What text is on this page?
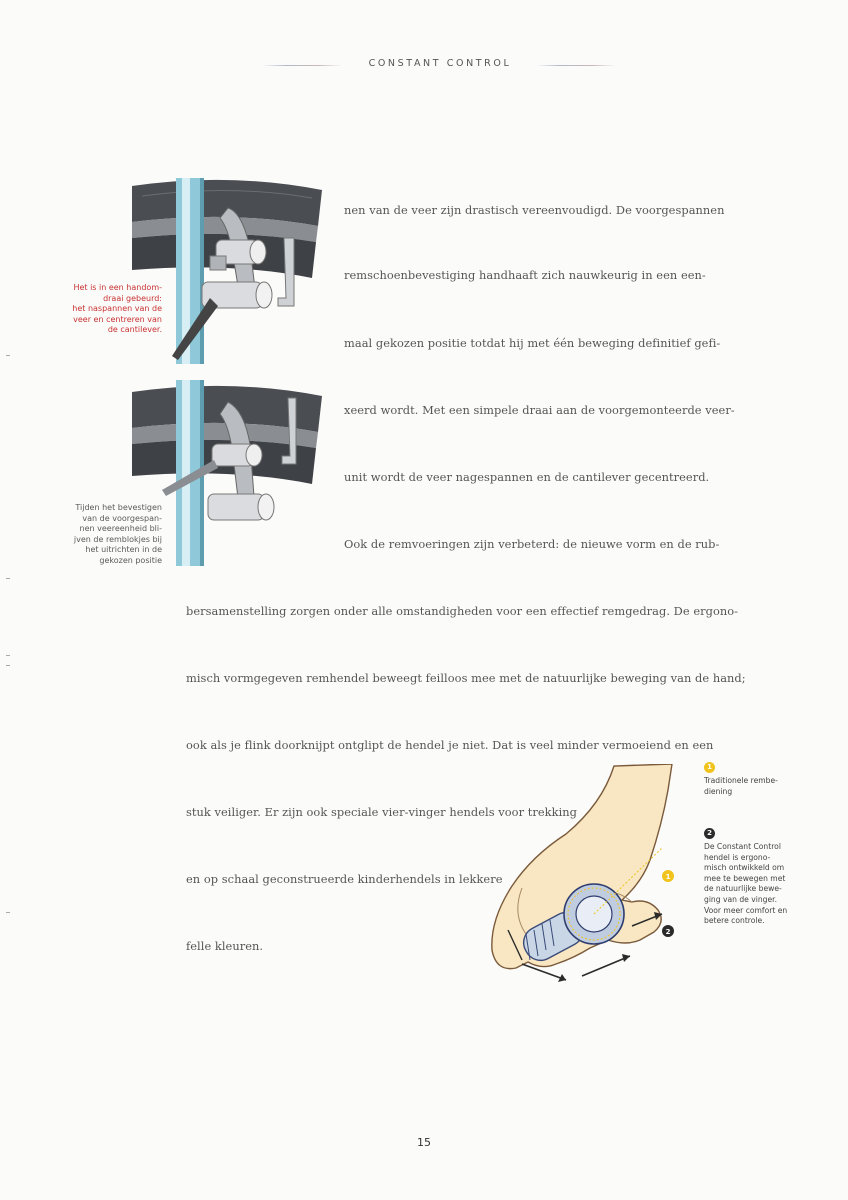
CONSTANT CONTROL
Het is in een handom-
draai gebeurd:
het naspannen van de
veer en centreren van
de cantilever.
Tijden het bevestigen
van de voorgespan-
nen veereenheid bli-
jven de remblokjes bij
het uitrichten in de
gekozen positie
nen van de veer zijn drastisch vereenvoudigd. De voorgespannen
remschoenbevestiging handhaaft zich nauwkeurig in een een-
maal gekozen positie totdat hij met één beweging definitief gefi-
xeerd wordt. Met een simpele draai aan de voorgemonteerde veer-
unit wordt de veer nagespannen en de cantilever gecentreerd.
Ook de remvoeringen zijn verbeterd: de nieuwe vorm en de rub-
bersamenstelling zorgen onder alle omstandigheden voor een effectief remgedrag. De ergono-
misch vormgegeven remhendel beweegt feilloos mee met de natuurlijke beweging van de hand;
ook als je flink doorknijpt ontglipt de hendel je niet. Dat is veel minder vermoeiend en een
stuk veiliger. Er zijn ook speciale vier-vinger hendels voor trekking
en op schaal geconstrueerde kinderhendels in lekkere
felle kleuren.
1
2
1
Traditionele rembe-
diening
2
De Constant Control
hendel is ergono-
misch ontwikkeld om
mee te bewegen met
de natuurlijke bewe-
ging van de vinger.
Voor meer comfort en
betere controle.
15
